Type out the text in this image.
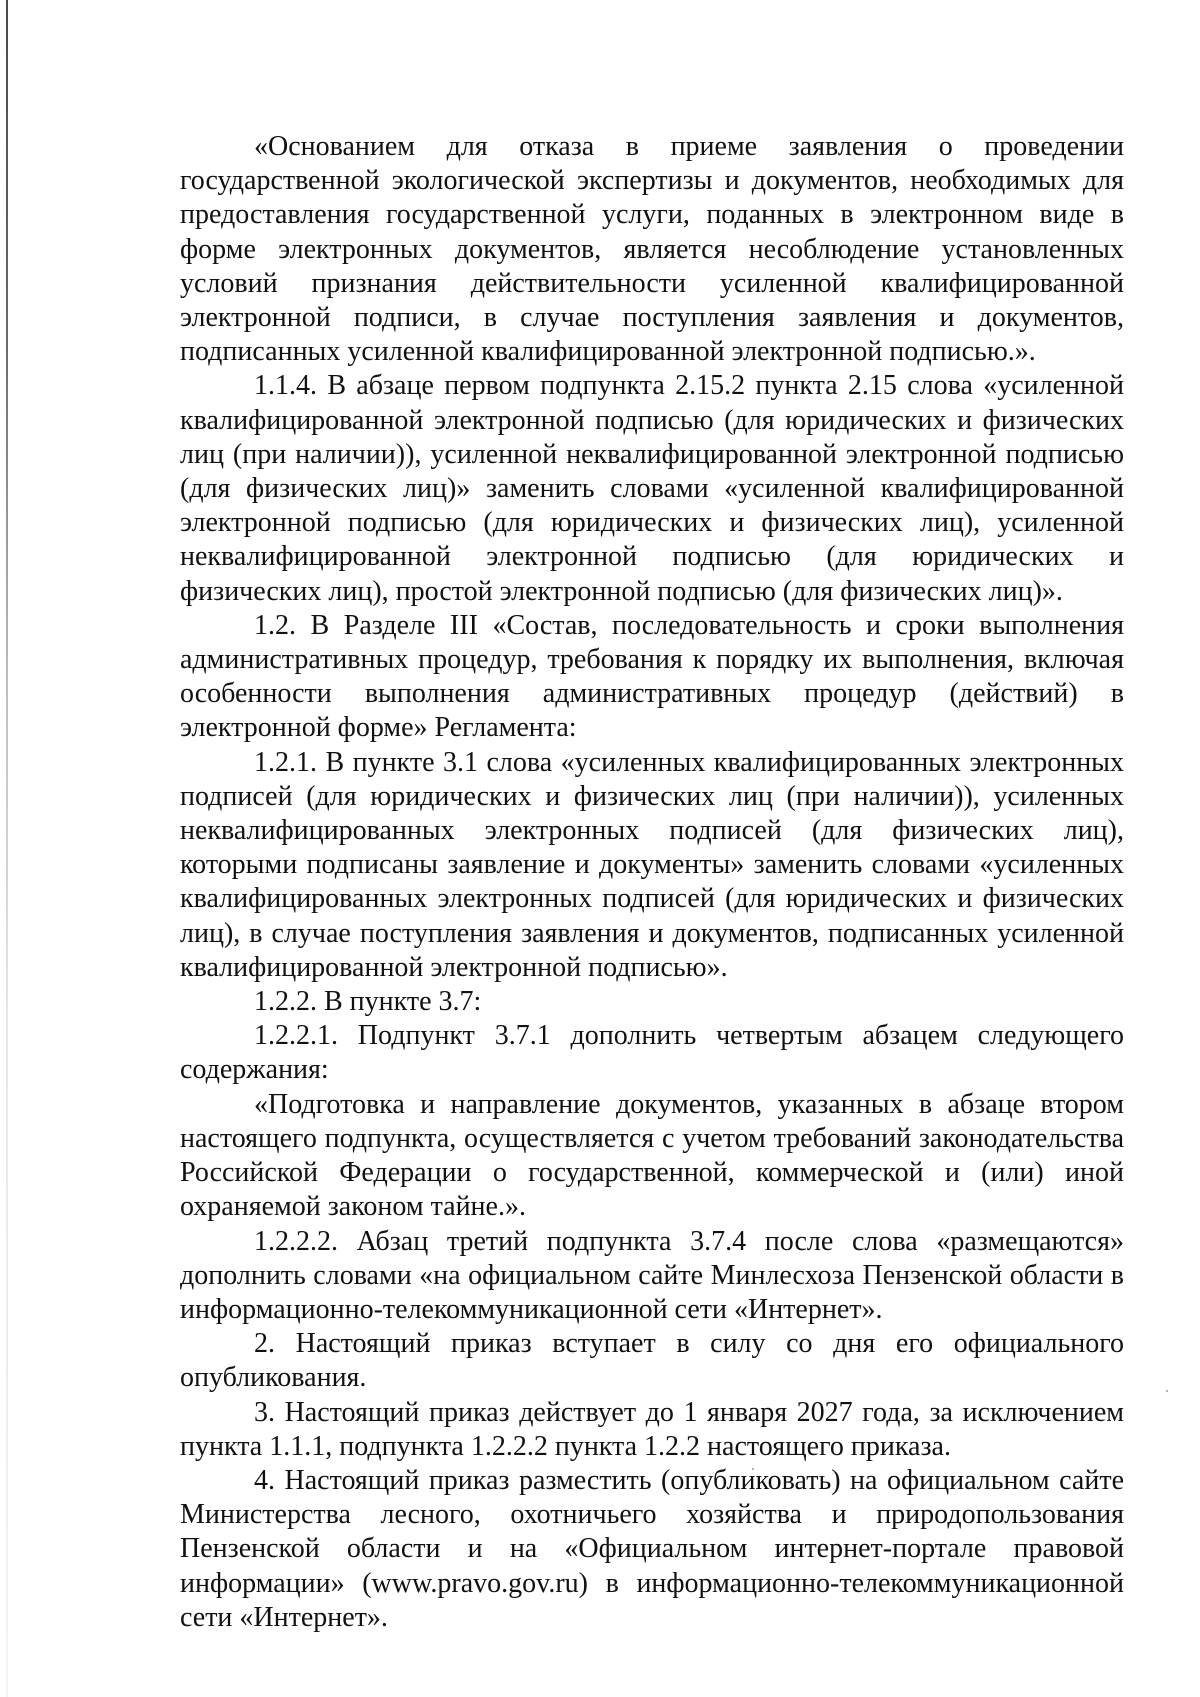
«Основанием для отказа в приеме заявления о проведении государственной экологической экспертизы и документов, необходимых для предоставления государственной услуги, поданных в электронном виде в форме электронных документов, является несоблюдение установленных условий признания действительности усиленной квалифицированной электронной подписи, в случае поступления заявления и документов, подписанных усиленной квалифицированной электронной подписью.».

1.1.4. В абзаце первом подпункта 2.15.2 пункта 2.15 слова «усиленной квалифицированной электронной подписью (для юридических и физических лиц (при наличии)), усиленной неквалифицированной электронной подписью (для физических лиц)» заменить словами «усиленной квалифицированной электронной подписью (для юридических и физических лиц), усиленной неквалифицированной электронной подписью (для юридических и физических лиц), простой электронной подписью (для физических лиц)».

1.2. В Разделе III «Состав, последовательность и сроки выполнения административных процедур, требования к порядку их выполнения, включая особенности выполнения административных процедур (действий) в электронной форме» Регламента:

1.2.1. В пункте 3.1 слова «усиленных квалифицированных электронных подписей (для юридических и физических лиц (при наличии)), усиленных неквалифицированных электронных подписей (для физических лиц), которыми подписаны заявление и документы» заменить словами «усиленных квалифицированных электронных подписей (для юридических и физических лиц), в случае поступления заявления и документов, подписанных усиленной квалифицированной электронной подписью».

1.2.2. В пункте 3.7:

1.2.2.1. Подпункт 3.7.1 дополнить четвертым абзацем следующего содержания:

«Подготовка и направление документов, указанных в абзаце втором настоящего подпункта, осуществляется с учетом требований законодательства Российской Федерации о государственной, коммерческой и (или) иной охраняемой законом тайне.».

1.2.2.2. Абзац третий подпункта 3.7.4 после слова «размещаются» дополнить словами «на официальном сайте Минлесхоза Пензенской области в информационно-телекоммуникационной сети «Интернет».

2. Настоящий приказ вступает в силу со дня его официального опубликования.

3. Настоящий приказ действует до 1 января 2027 года, за исключением пункта 1.1.1, подпункта 1.2.2.2 пункта 1.2.2 настоящего приказа.

4. Настоящий приказ разместить (опубликовать) на официальном сайте Министерства лесного, охотничьего хозяйства и природопользования Пензенской области и на «Официальном интернет-портале правовой информации» (www.pravo.gov.ru) в информационно-телекоммуникационной сети «Интернет».
